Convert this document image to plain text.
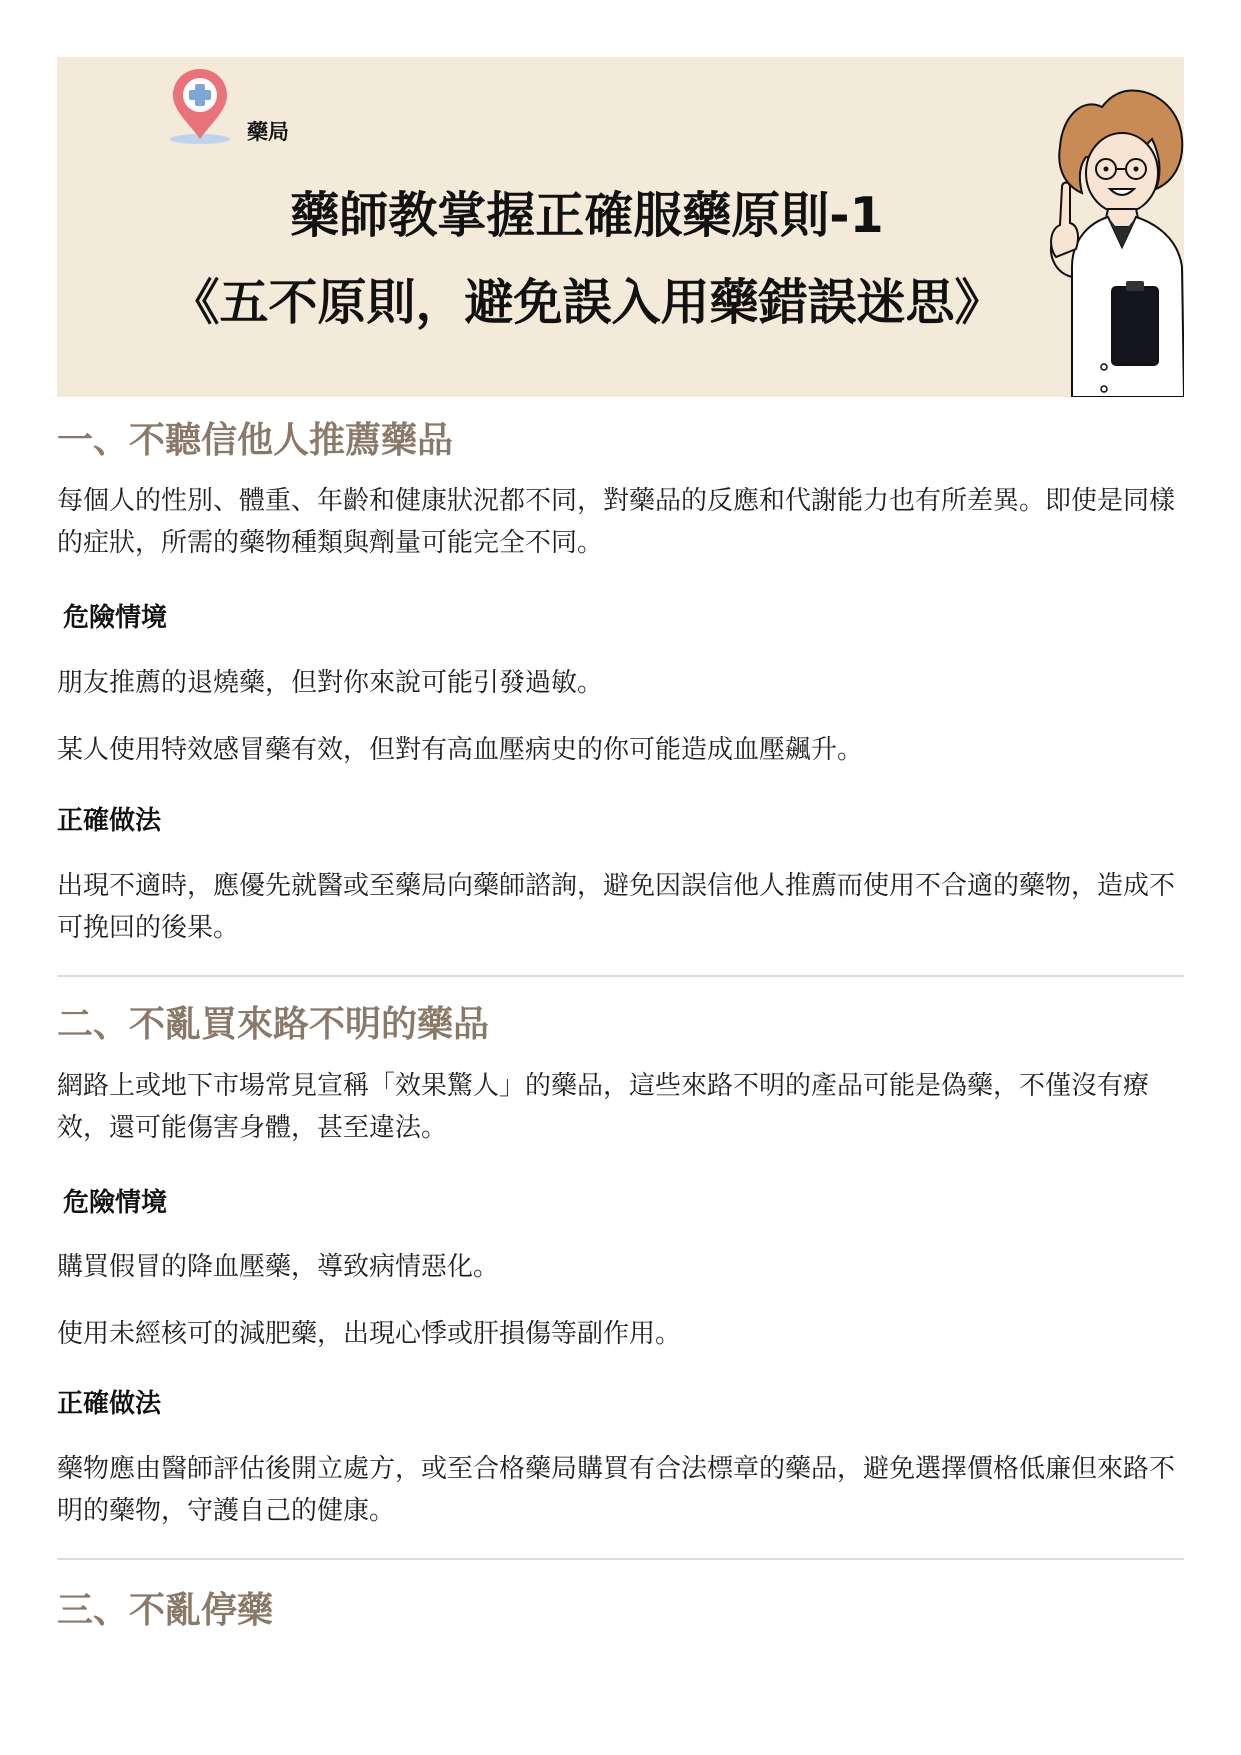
藥局
藥師教掌握正確服藥原則-1
《五不原則，避免誤入用藥錯誤迷思》
一、不聽信他人推薦藥品
每個人的性別、體重、年齡和健康狀況都不同，對藥品的反應和代謝能力也有所差異。即使是同樣的症狀，所需的藥物種類與劑量可能完全不同。
危險情境
朋友推薦的退燒藥，但對你來說可能引發過敏。
某人使用特效感冒藥有效，但對有高血壓病史的你可能造成血壓飆升。
正確做法
出現不適時，應優先就醫或至藥局向藥師諮詢，避免因誤信他人推薦而使用不合適的藥物，造成不可挽回的後果。
二、不亂買來路不明的藥品
網路上或地下市場常見宣稱「效果驚人」的藥品，這些來路不明的產品可能是偽藥，不僅沒有療效，還可能傷害身體，甚至違法。
危險情境
購買假冒的降血壓藥，導致病情惡化。
使用未經核可的減肥藥，出現心悸或肝損傷等副作用。
正確做法
藥物應由醫師評估後開立處方，或至合格藥局購買有合法標章的藥品，避免選擇價格低廉但來路不明的藥物，守護自己的健康。
三、不亂停藥
